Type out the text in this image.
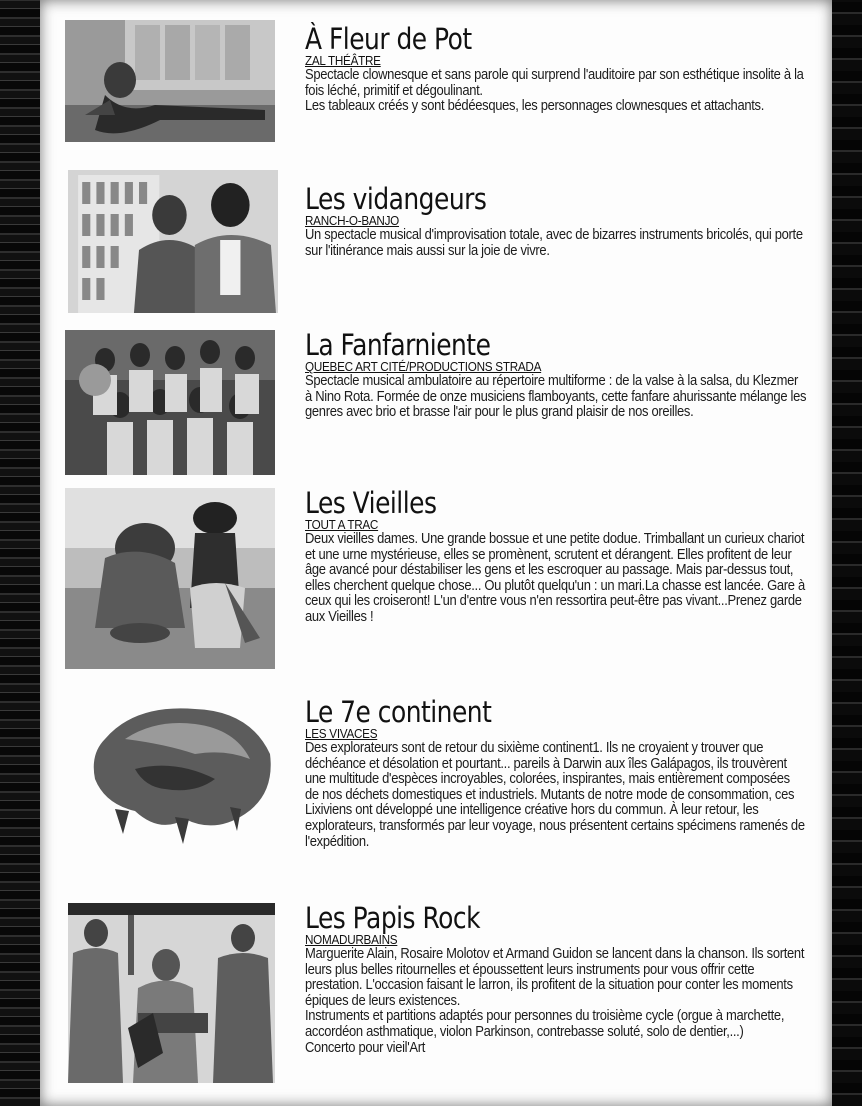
À Fleur de Pot
ZAL THÉÂTRE

Spectacle clownesque et sans parole qui surprend l'auditoire par son esthétique insolite à la fois léché, primitif et dégoulinant.
Les tableaux créés y sont bédéesques, les personnages clownesques et attachants.

Les vidangeurs
RANCH-O-BANJO

Un spectacle musical d'improvisation totale, avec de bizarres instruments bricolés, qui porte sur l'itinérance mais aussi sur la joie de vivre.

La Fanfarniente
QUEBEC ART CITÉ/PRODUCTIONS STRADA

Spectacle musical ambulatoire au répertoire multiforme : de la valse à la salsa, du Klezmer à Nino Rota. Formée de onze musiciens flamboyants, cette fanfare ahurissante mélange les genres avec brio et brasse l'air pour le plus grand plaisir de nos oreilles.

Les Vieilles
TOUT A TRAC

Deux vieilles dames. Une grande bossue et une petite dodue. Trimballant un curieux chariot et une urne mystérieuse, elles se promènent, scrutent et dérangent. Elles profitent de leur âge avancé pour déstabiliser les gens et les escroquer au passage. Mais par-dessus tout, elles cherchent quelque chose... Ou plutôt quelqu'un : un mari.La chasse est lancée. Gare à ceux qui les croiseront! L'un d'entre vous n'en ressortira peut-être pas vivant...Prenez garde aux Vieilles !

Le 7e continent
LES VIVACES

Des explorateurs sont de retour du sixième continent1. Ils ne croyaient y trouver que déchéance et désolation et pourtant... pareils à Darwin aux îles Galápagos, ils trouvèrent une multitude d'espèces incroyables, colorées, inspirantes, mais entièrement composées de nos déchets domestiques et industriels. Mutants de notre mode de consommation, ces Lixiviens ont développé une intelligence créative hors du commun. À leur retour, les explorateurs, transformés par leur voyage, nous présentent certains spécimens ramenés de l'expédition.

Les Papis Rock
NOMADURBAINS

Marguerite Alain, Rosaire Molotov et Armand Guidon se lancent dans la chanson. Ils sortent leurs plus belles ritournelles et époussettent leurs instruments pour vous offrir cette prestation. L'occasion faisant le larron, ils profitent de la situation pour conter les moments épiques de leurs existences.
Instruments et partitions adaptés pour personnes du troisième cycle (orgue à marchette, accordéon asthmatique, violon Parkinson, contrebasse soluté, solo de dentier,...)
Concerto pour vieil'Art
